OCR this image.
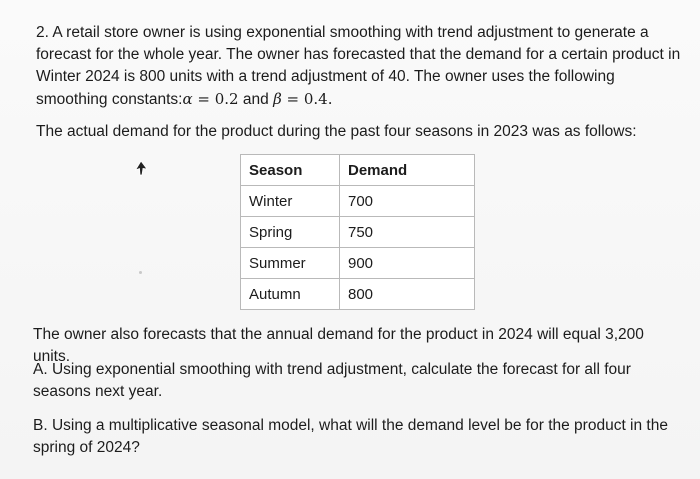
2. A retail store owner is using exponential smoothing with trend adjustment to generate a forecast for the whole year. The owner has forecasted that the demand for a certain product in Winter 2024 is 800 units with a trend adjustment of 40. The owner uses the following smoothing constants:α = 0.2 and β = 0.4.

The actual demand for the product during the past four seasons in 2023 was as follows:

Season	Demand
Winter	700
Spring	750
Summer	900
Autumn	800

The owner also forecasts that the annual demand for the product in 2024 will equal 3,200 units.

A. Using exponential smoothing with trend adjustment, calculate the forecast for all four seasons next year.

B. Using a multiplicative seasonal model, what will the demand level be for the product in the spring of 2024?
